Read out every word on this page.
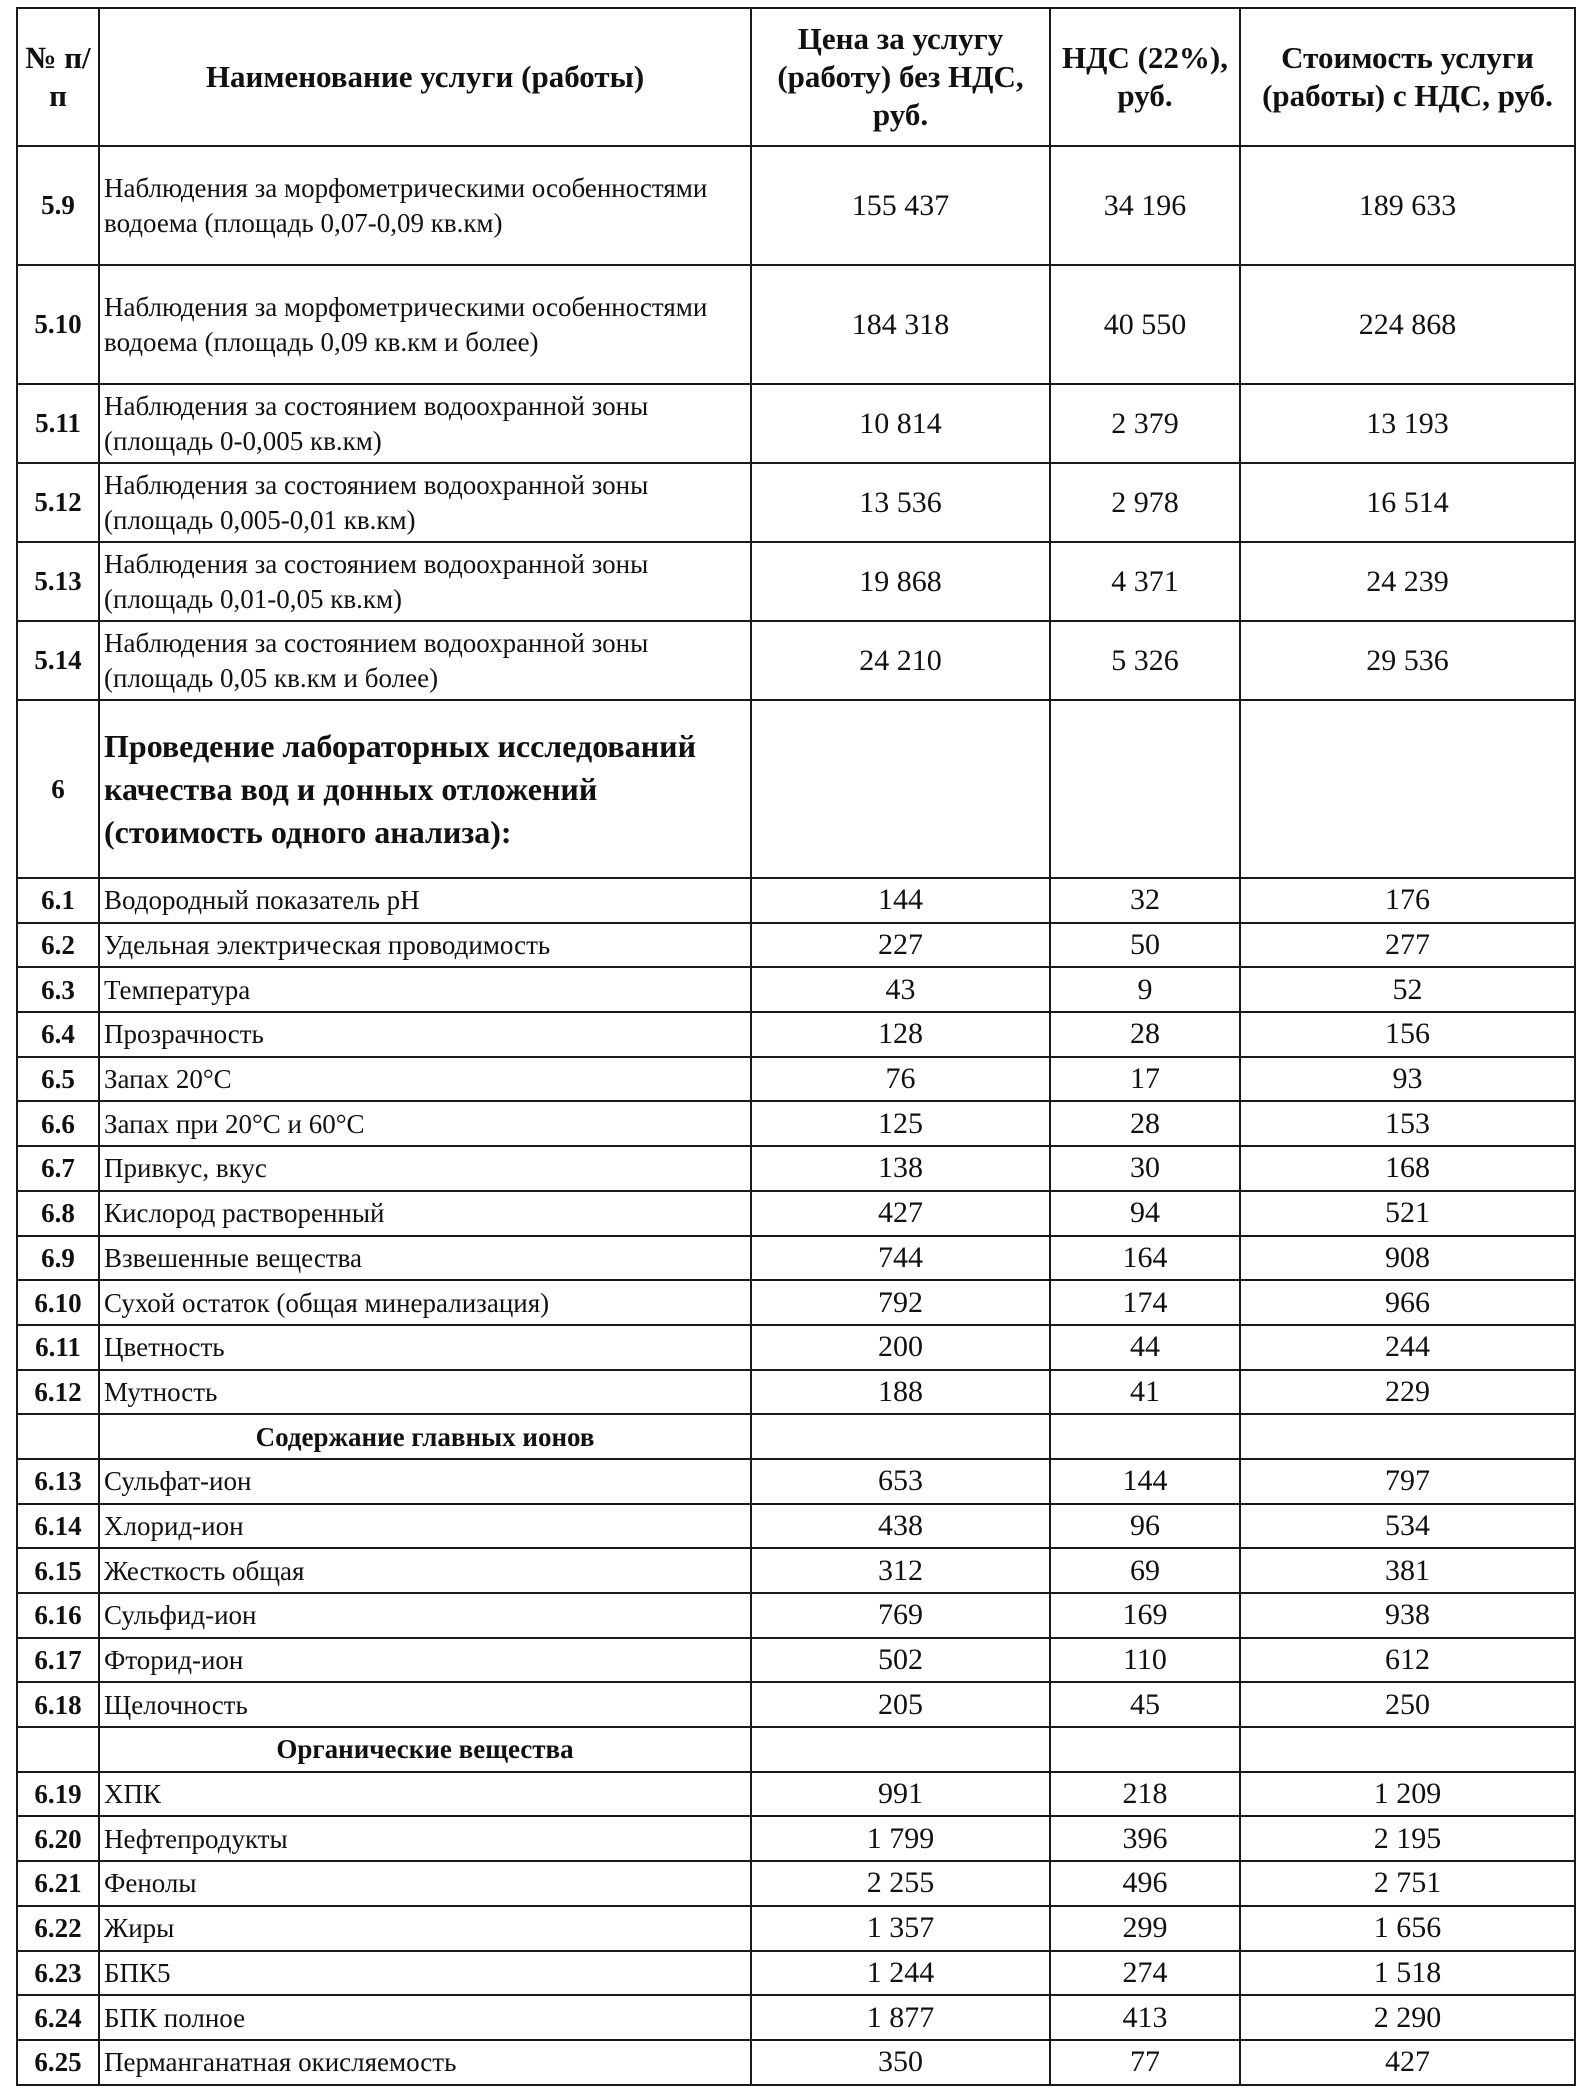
№ п/п	Наименование услуги (работы)	Цена за услугу (работу) без НДС, руб.	НДС (22%), руб.	Стоимость услуги (работы) с НДС, руб.
5.9	Наблюдения за морфометрическими особенностями водоема (площадь 0,07-0,09 кв.км)	155 437	34 196	189 633
5.10	Наблюдения за морфометрическими особенностями водоема (площадь 0,09 кв.км и более)	184 318	40 550	224 868
5.11	Наблюдения за состоянием водоохранной зоны (площадь 0-0,005 кв.км)	10 814	2 379	13 193
5.12	Наблюдения за состоянием водоохранной зоны (площадь 0,005-0,01 кв.км)	13 536	2 978	16 514
5.13	Наблюдения за состоянием водоохранной зоны (площадь 0,01-0,05 кв.км)	19 868	4 371	24 239
5.14	Наблюдения за состоянием водоохранной зоны (площадь 0,05 кв.км и более)	24 210	5 326	29 536
6	Проведение лабораторных исследований качества вод и донных отложений (стоимость одного анализа):			
6.1	Водородный показатель рН	144	32	176
6.2	Удельная электрическая проводимость	227	50	277
6.3	Температура	43	9	52
6.4	Прозрачность	128	28	156
6.5	Запах 20°С	76	17	93
6.6	Запах при 20°С и 60°С	125	28	153
6.7	Привкус, вкус	138	30	168
6.8	Кислород растворенный	427	94	521
6.9	Взвешенные вещества	744	164	908
6.10	Сухой остаток (общая минерализация)	792	174	966
6.11	Цветность	200	44	244
6.12	Мутность	188	41	229
	Содержание главных ионов			
6.13	Сульфат-ион	653	144	797
6.14	Хлорид-ион	438	96	534
6.15	Жесткость общая	312	69	381
6.16	Сульфид-ион	769	169	938
6.17	Фторид-ион	502	110	612
6.18	Щелочность	205	45	250
	Органические вещества			
6.19	ХПК	991	218	1 209
6.20	Нефтепродукты	1 799	396	2 195
6.21	Фенолы	2 255	496	2 751
6.22	Жиры	1 357	299	1 656
6.23	БПК5	1 244	274	1 518
6.24	БПК полное	1 877	413	2 290
6.25	Перманганатная окисляемость	350	77	427
